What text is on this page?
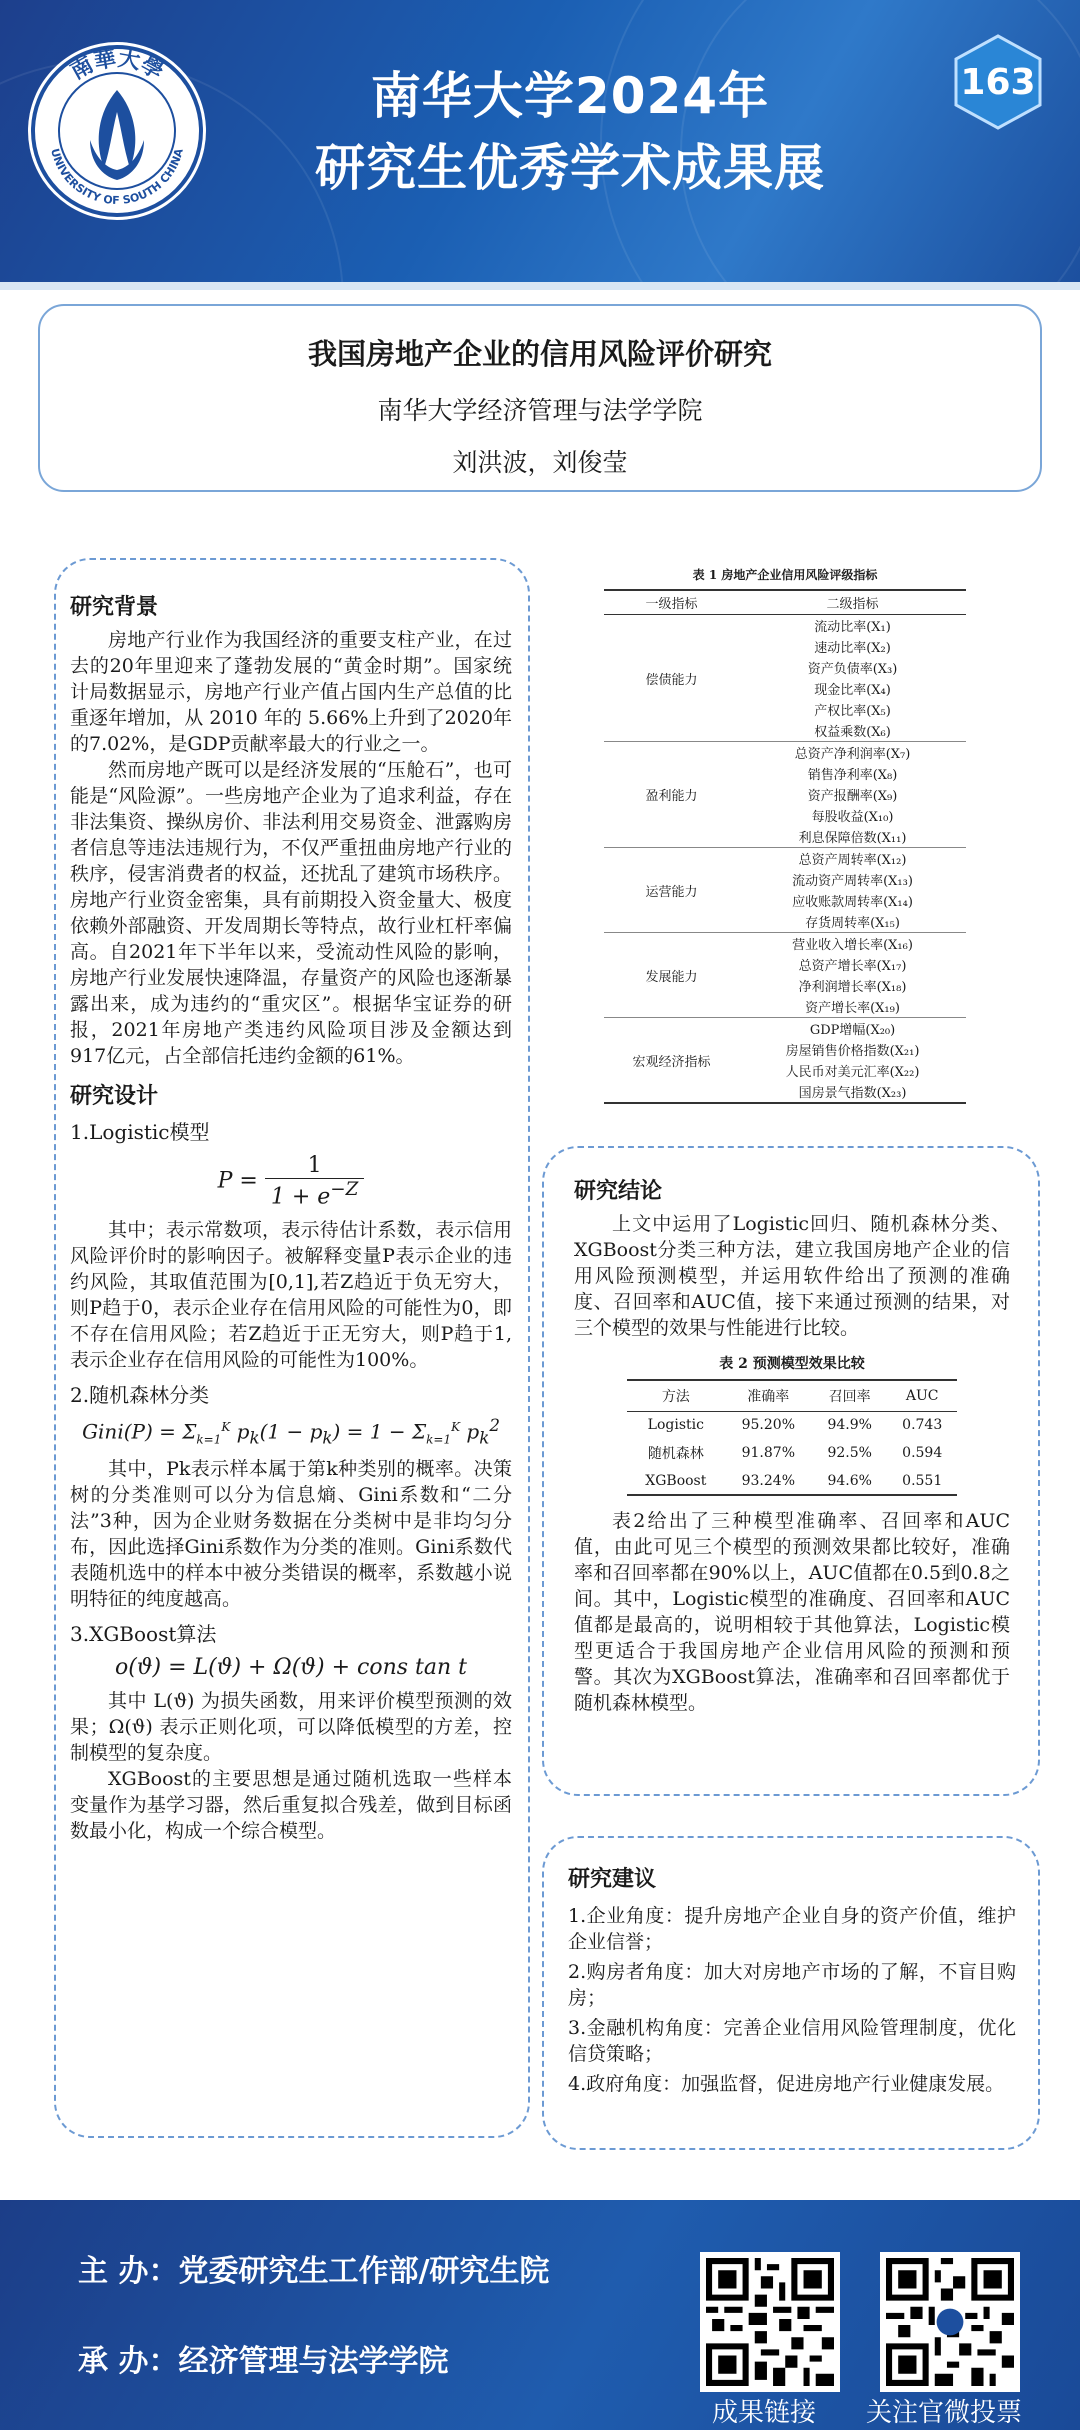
南華大學
UNIVERSITY OF SOUTH CHINA
南华大学2024年
研究生优秀学术成果展
163
我国房地产企业的信用风险评价研究
南华大学经济管理与法学学院
刘洪波，刘俊莹

研究背景

房地产行业作为我国经济的重要支柱产业，在过去的20年里迎来了蓬勃发展的“黄金时期”。国家统计局数据显示，房地产行业产值占国内生产总值的比重逐年增加，从 2010 年的 5.66%上升到了2020年的7.02%，是GDP贡献率最大的行业之一。

然而房地产既可以是经济发展的“压舱石”，也可能是“风险源”。一些房地产企业为了追求利益，存在非法集资、操纵房价、非法利用交易资金、泄露购房者信息等违法违规行为，不仅严重扭曲房地产行业的秩序，侵害消费者的权益，还扰乱了建筑市场秩序。房地产行业资金密集，具有前期投入资金量大、极度依赖外部融资、开发周期长等特点，故行业杠杆率偏高。自2021年下半年以来，受流动性风险的影响，房地产行业发展快速降温，存量资产的风险也逐渐暴露出来，成为违约的“重灾区”。根据华宝证券的研报，2021年房地产类违约风险项目涉及金额达到917亿元，占全部信托违约金额的61%。

研究设计

1.Logistic模型

$P = \frac{1}{1 + e^{-Z}}$

其中；表示常数项，表示待估计系数，表示信用风险评价时的影响因子。被解释变量P表示企业的违约风险，其取值范围为[0,1],若Z趋近于负无穷大，则P趋于0，表示企业存在信用风险的可能性为0，即不存在信用风险；若Z趋近于正无穷大，则P趋于1,表示企业存在信用风险的可能性为100%。

2.随机森林分类

Gini(P) = $\Sigma_{k=1}^K$ $p_k(1 - p_k) = 1 - \Sigma_{k=1}^K$ $p_k^2$

其中，Pk表示样本属于第k种类别的概率。决策树的分类准则可以分为信息熵、Gini系数和“二分法”3种，因为企业财务数据在分类树中是非均匀分布，因此选择Gini系数作为分类的准则。Gini系数代表随机选中的样本中被分类错误的概率，系数越小说明特征的纯度越高。

3.XGBoost算法

o(ϑ) = L(ϑ) + Ω(ϑ) + cons tan t

其中 L(ϑ) 为损失函数，用来评价模型预测的效果；Ω(ϑ) 表示正则化项，可以降低模型的方差，控制模型的复杂度。

XGBoost的主要思想是通过随机选取一些样本变量作为基学习器，然后重复拟合残差，做到目标函数最小化，构成一个综合模型。

表 1 房地产企业信用风险评级指标
一级指标	二级指标
偿债能力	流动比率(X₁)
	速动比率(X₂)
	资产负债率(X₃)
	现金比率(X₄)
	产权比率(X₅)
	权益乘数(X₆)
盈利能力	总资产净利润率(X₇)
	销售净利率(X₈)
	资产报酬率(X₉)
	每股收益(X₁₀)
	利息保障倍数(X₁₁)
运营能力	总资产周转率(X₁₂)
	流动资产周转率(X₁₃)
	应收账款周转率(X₁₄)
	存货周转率(X₁₅)
发展能力	营业收入增长率(X₁₆)
	总资产增长率(X₁₇)
	净利润增长率(X₁₈)
	资产增长率(X₁₉)
宏观经济指标	GDP增幅(X₂₀)
	房屋销售价格指数(X₂₁)
	人民币对美元汇率(X₂₂)
	国房景气指数(X₂₃)

研究结论

上文中运用了Logistic回归、随机森林分类、XGBoost分类三种方法，建立我国房地产企业的信用风险预测模型，并运用软件给出了预测的准确度、召回率和AUC值，接下来通过预测的结果，对三个模型的效果与性能进行比较。

表 2 预测模型效果比较
方法	准确率	召回率	AUC
Logistic	95.20%	94.9%	0.743
随机森林	91.87%	92.5%	0.594
XGBoost	93.24%	94.6%	0.551

表2给出了三种模型准确率、召回率和AUC值，由此可见三个模型的预测效果都比较好，准确率和召回率都在90%以上，AUC值都在0.5到0.8之间。其中，Logistic模型的准确度、召回率和AUC值都是最高的，说明相较于其他算法，Logistic模型更适合于我国房地产企业信用风险的预测和预警。其次为XGBoost算法，准确率和召回率都优于随机森林模型。

研究建议

1.企业角度：提升房地产企业自身的资产价值，维护企业信誉；

2.购房者角度：加大对房地产市场的了解，不盲目购房；

3.金融机构角度：完善企业信用风险管理制度，优化信贷策略；

4.政府角度：加强监督，促进房地产行业健康发展。

主 办：党委研究生工作部/研究生院
承 办：经济管理与法学学院
成果链接	关注官微投票
